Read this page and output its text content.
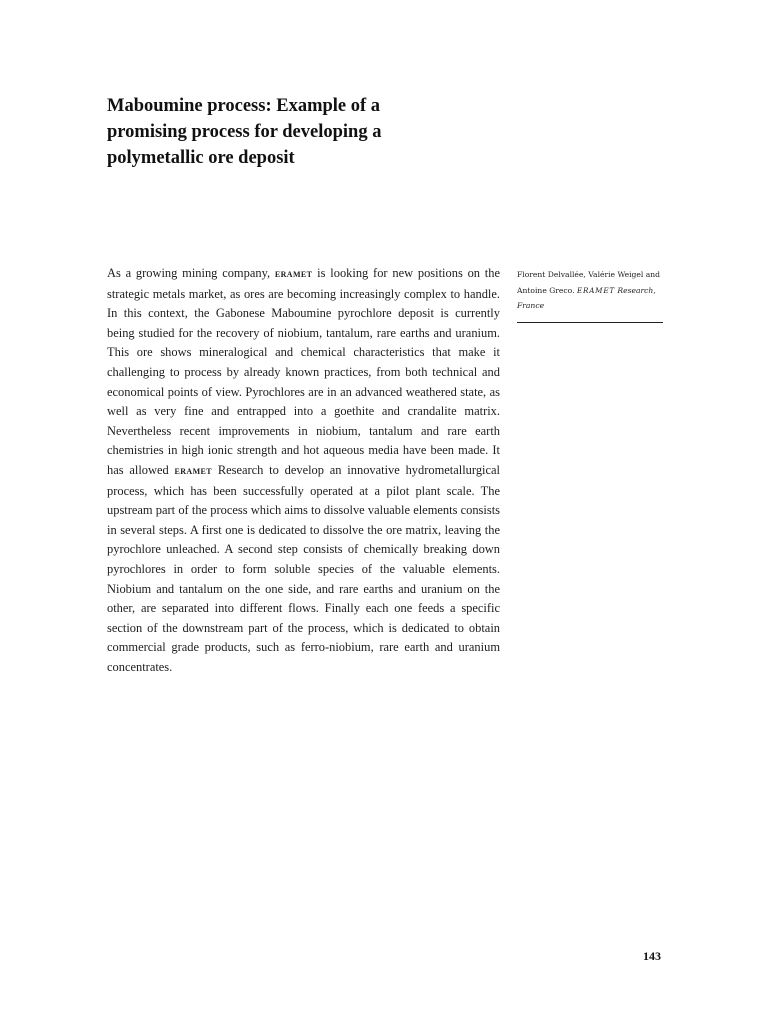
Maboumine process: Example of a promising process for developing a polymetallic ore deposit

As a growing mining company, eramet is looking for new positions on the strategic metals market, as ores are becoming increasingly complex to handle. In this context, the Gabonese Maboumine pyrochlore deposit is currently being studied for the recovery of niobium, tantalum, rare earths and uranium. This ore shows mineralogical and chemical characteristics that make it challenging to process by already known practices, from both technical and economical points of view. Pyrochlores are in an advanced weathered state, as well as very fine and entrapped into a goethite and crandalite matrix. Nevertheless recent improvements in niobium, tantalum and rare earth chemistries in high ionic strength and hot aqueous media have been made. It has allowed eramet Research to develop an innovative hydrometallurgical process, which has been successfully operated at a pilot plant scale. The upstream part of the process which aims to dissolve valuable elements consists in several steps. A first one is dedicated to dissolve the ore matrix, leaving the pyrochlore unleached. A second step consists of chemically breaking down pyrochlores in order to form soluble species of the valuable elements. Niobium and tantalum on the one side, and rare earths and uranium on the other, are separated into different flows. Finally each one feeds a specific section of the downstream part of the process, which is dedicated to obtain commercial grade products, such as ferro-niobium, rare earth and uranium concentrates.

Florent Delvallée, Valérie Weigel and Antoine Greco. ERAMET Research, France
143
